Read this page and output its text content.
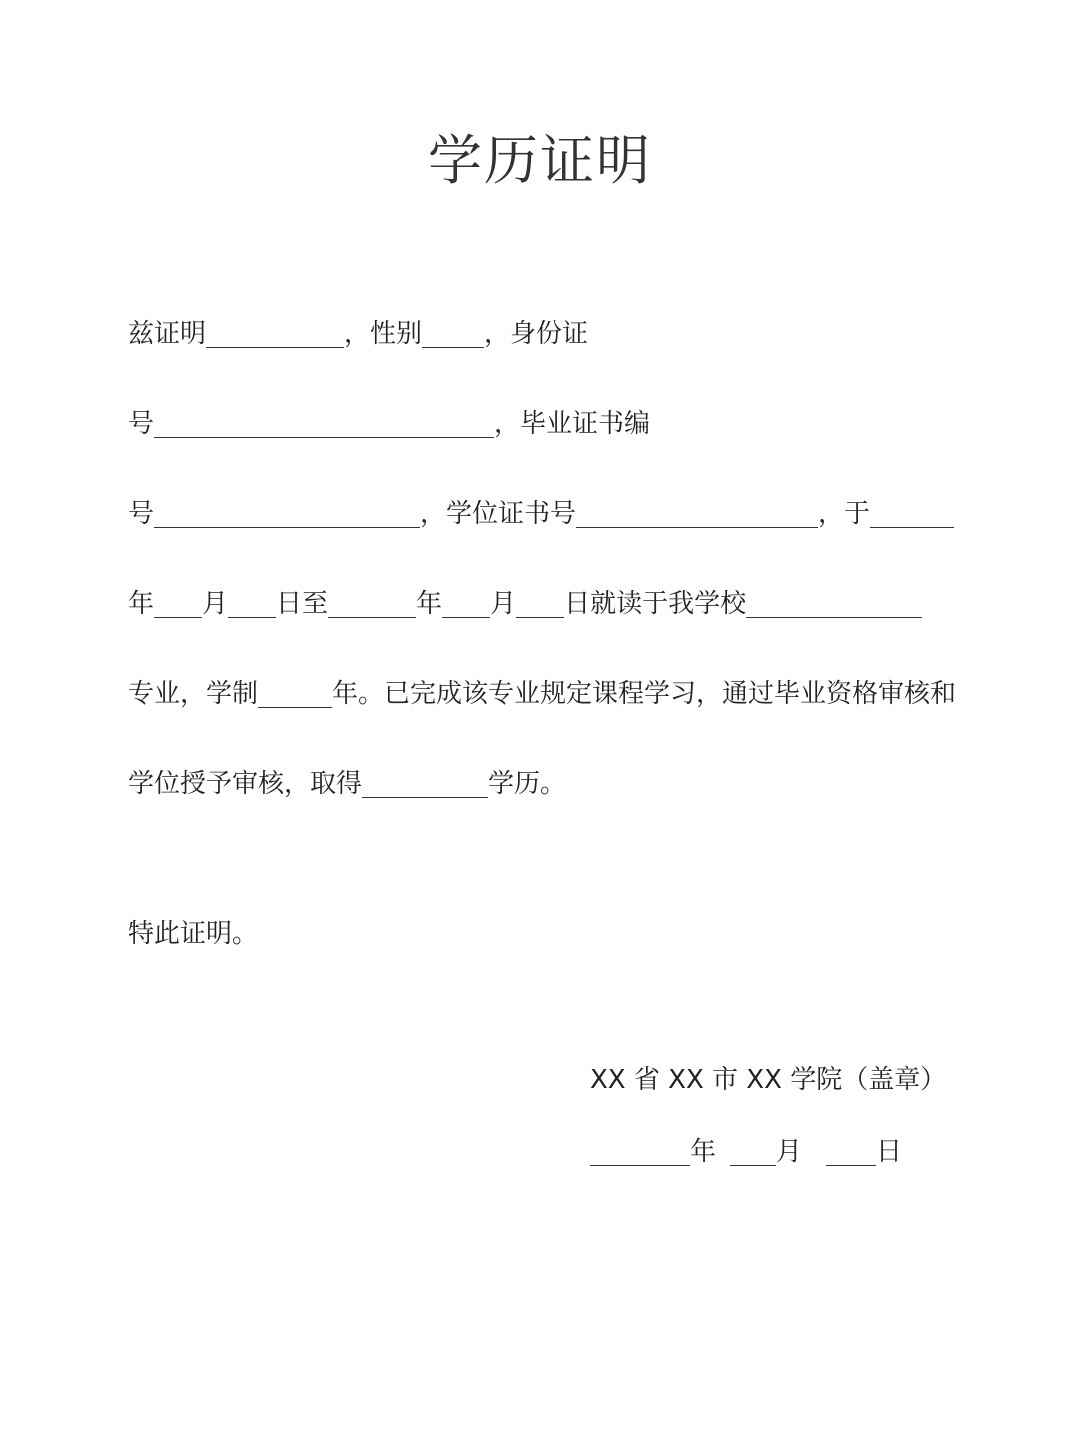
学历证明
兹证明	，性别 ，身份证
号	，毕业证书编
号	，学位证书号	，于
年 月 日至	年 月 日就读于我学校
专业，学制	年。已完成该专业规定课程学习，通过毕业资格审核和
学位授予审核，取得	学历。
特此证明。
XX 省 XX 市 XX 学院（盖章）
年 月	日
